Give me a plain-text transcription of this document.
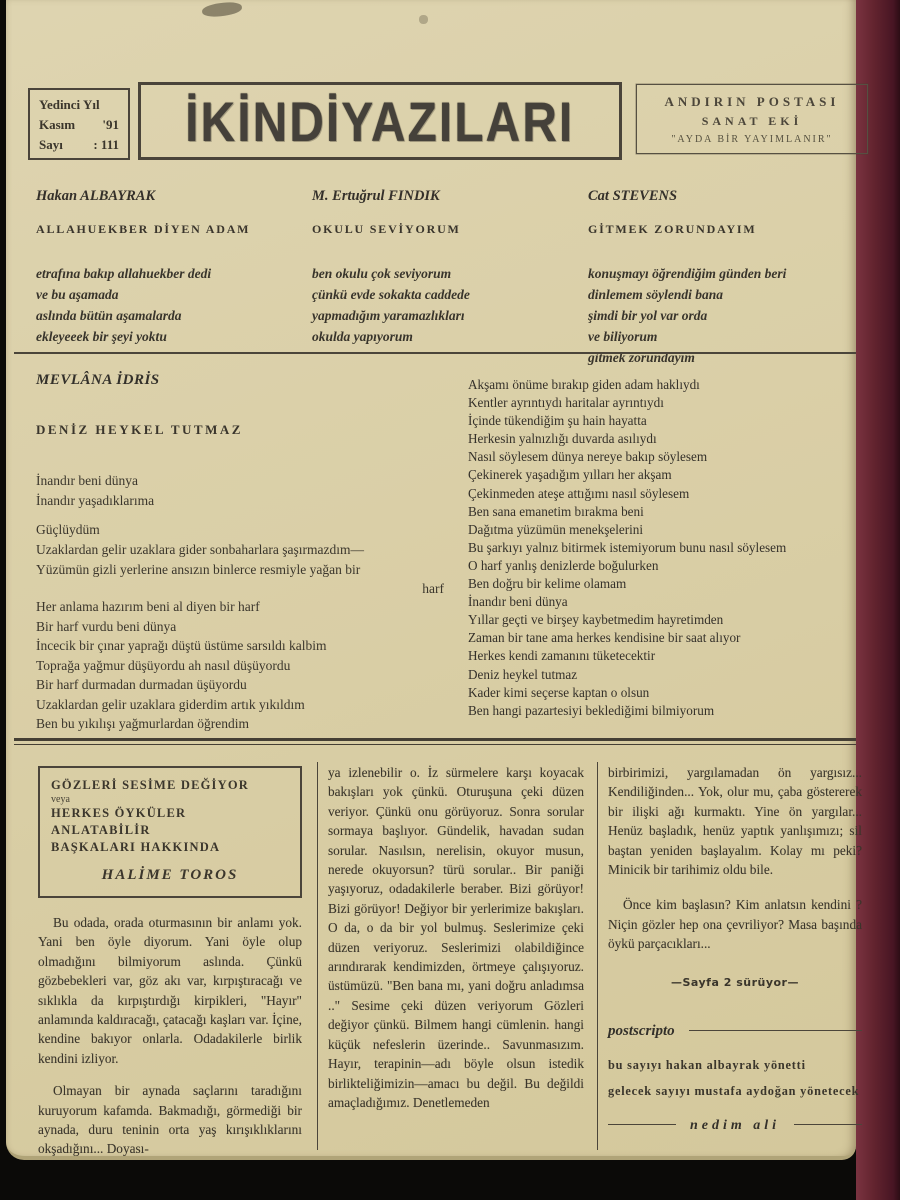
Yedinci Yıl
Kasım '91
Sayı : 111 İKİNDİYAZILARI	ANDIRIN POSTASI
SANAT EKİ
"AYDA BİR YAYIMLANIR"
Hakan ALBAYRAK
ALLAHUEKBER DİYEN ADAM
etrafına bakıp allahuekber dedi
ve bu aşamada
aslında bütün aşamalarda
ekleyeeek bir şeyi yoktu
M. Ertuğrul FINDIK
OKULU SEVİYORUM
ben okulu çok seviyorum
çünkü evde sokakta caddede
yapmadığım yaramazlıkları
okulda yapıyorum
Cat STEVENS
GİTMEK ZORUNDAYIM
konuşmayı öğrendiğim günden beri
dinlemem söylendi bana
şimdi bir yol var orda
ve biliyorum
gitmek zorundayım
MEVLÂNA İDRİS
DENİZ HEYKEL TUTMAZ
İnandır beni dünya
İnandır yaşadıklarıma
Güçlüydüm
Uzaklardan gelir uzaklara gider sonbaharlara şaşırmazdım—
Yüzümün gizli yerlerine ansızın binlerce resmiyle yağan bir
harf
Her anlama hazırım beni al diyen bir harf
Bir harf vurdu beni dünya
İncecik bir çınar yaprağı düştü üstüme sarsıldı kalbim
Toprağa yağmur düşüyordu ah nasıl düşüyordu
Bir harf durmadan durmadan üşüyordu
Uzaklardan gelir uzaklara giderdim artık yıkıldım
Ben bu yıkılışı yağmurlardan öğrendim
Akşamı önüme bırakıp giden adam haklıydı
Kentler ayrıntıydı haritalar ayrıntıydı
İçinde tükendiğim şu hain hayatta
Herkesin yalnızlığı duvarda asılıydı
Nasıl söylesem dünya nereye bakıp söylesem
Çekinerek yaşadığım yılları her akşam
Çekinmeden ateşe attığımı nasıl söylesem
Ben sana emanetim bırakma beni
Dağıtma yüzümün menekşelerini
Bu şarkıyı yalnız bitirmek istemiyorum bunu nasıl söylesem
O harf yanlış denizlerde boğulurken
Ben doğru bir kelime olamam
İnandır beni dünya
Yıllar geçti ve birşey kaybetmedim hayretimden
Zaman bir tane ama herkes kendisine bir saat alıyor
Herkes kendi zamanını tüketecektir
Deniz heykel tutmaz
Kader kimi seçerse kaptan o olsun
Ben hangi pazartesiyi beklediğimi bilmiyorum
GÖZLERİ SESİME DEĞİYOR
veya
HERKES ÖYKÜLER ANLATABİLİR
BAŞKALARI HAKKINDA
HALİME TOROS
Bu odada, orada oturmasının bir anlamı yok. Yani ben öyle diyorum. Yani öyle olup olmadığını bilmiyorum aslında. Çünkü gözbebekleri var, göz akı var, kırpıştıracağı ve sıklıkla da kırpıştırdığı kirpikleri, "Hayır" anlamında kaldıracağı, çatacağı kaşları var. İçine, kendine bakıyor onlarla. Odadakilerle birlik kendini izliyor.
Olmayan bir aynada saçlarını taradığını kuruyorum kafamda. Bakmadığı, görmediği bir aynada, duru teninin orta yaş kırışıklıklarını okşadığını... Doyası-
ya izlenebilir o. İz sürmelere karşı koyacak bakışları yok çünkü. Oturuşuna çeki düzen veriyor. Çünkü onu görüyoruz. Sonra sorular sormaya başlıyor. Gündelik, havadan sudan sorular. Nasılsın, nerelisin, okuyor musun, nerede okuyorsun? türü sorular.. Bir paniği yaşıyoruz, odadakilerle beraber. Bizi görüyor! Bizi görüyor! Değiyor bir yerlerimize bakışları. O da, o da bir yol bulmuş. Seslerimize çeki düzen veriyoruz. Seslerimizi olabildiğince arındırarak kendimizden, örtmeye çalışıyoruz. üstümüzü. "Ben bana mı, yani doğru anladımsa .." Sesime çeki düzen veriyorum Gözleri değiyor çünkü. Bilmem hangi cümlenin. hangi küçük nefeslerin üzerinde.. Savunmasızım. Hayır, terapinin—adı böyle olsun istedik birlikteliğimizin—amacı bu değil. Bu değildi amaçladığımız. Denetlemeden
birbirimizi, yargılamadan ön yargısız... Kendiliğinden... Yok, olur mu, çaba göstererek bir ilişki ağı kurmaktı. Yine ön yargılar... Henüz başladık, henüz yaptık yanlışımızı; sil baştan yeniden başlayalım. Kolay mı peki? Minicik bir tarihimiz oldu bile.
Önce kim başlasın? Kim anlatsın kendini ? Niçin gözler hep ona çevriliyor? Masa başında öykü parçacıkları...
—Sayfa 2 sürüyor—
postscripto
bu sayıyı hakan albayrak yönetti
gelecek sayıyı mustafa aydoğan yönetecek
nedim ali
